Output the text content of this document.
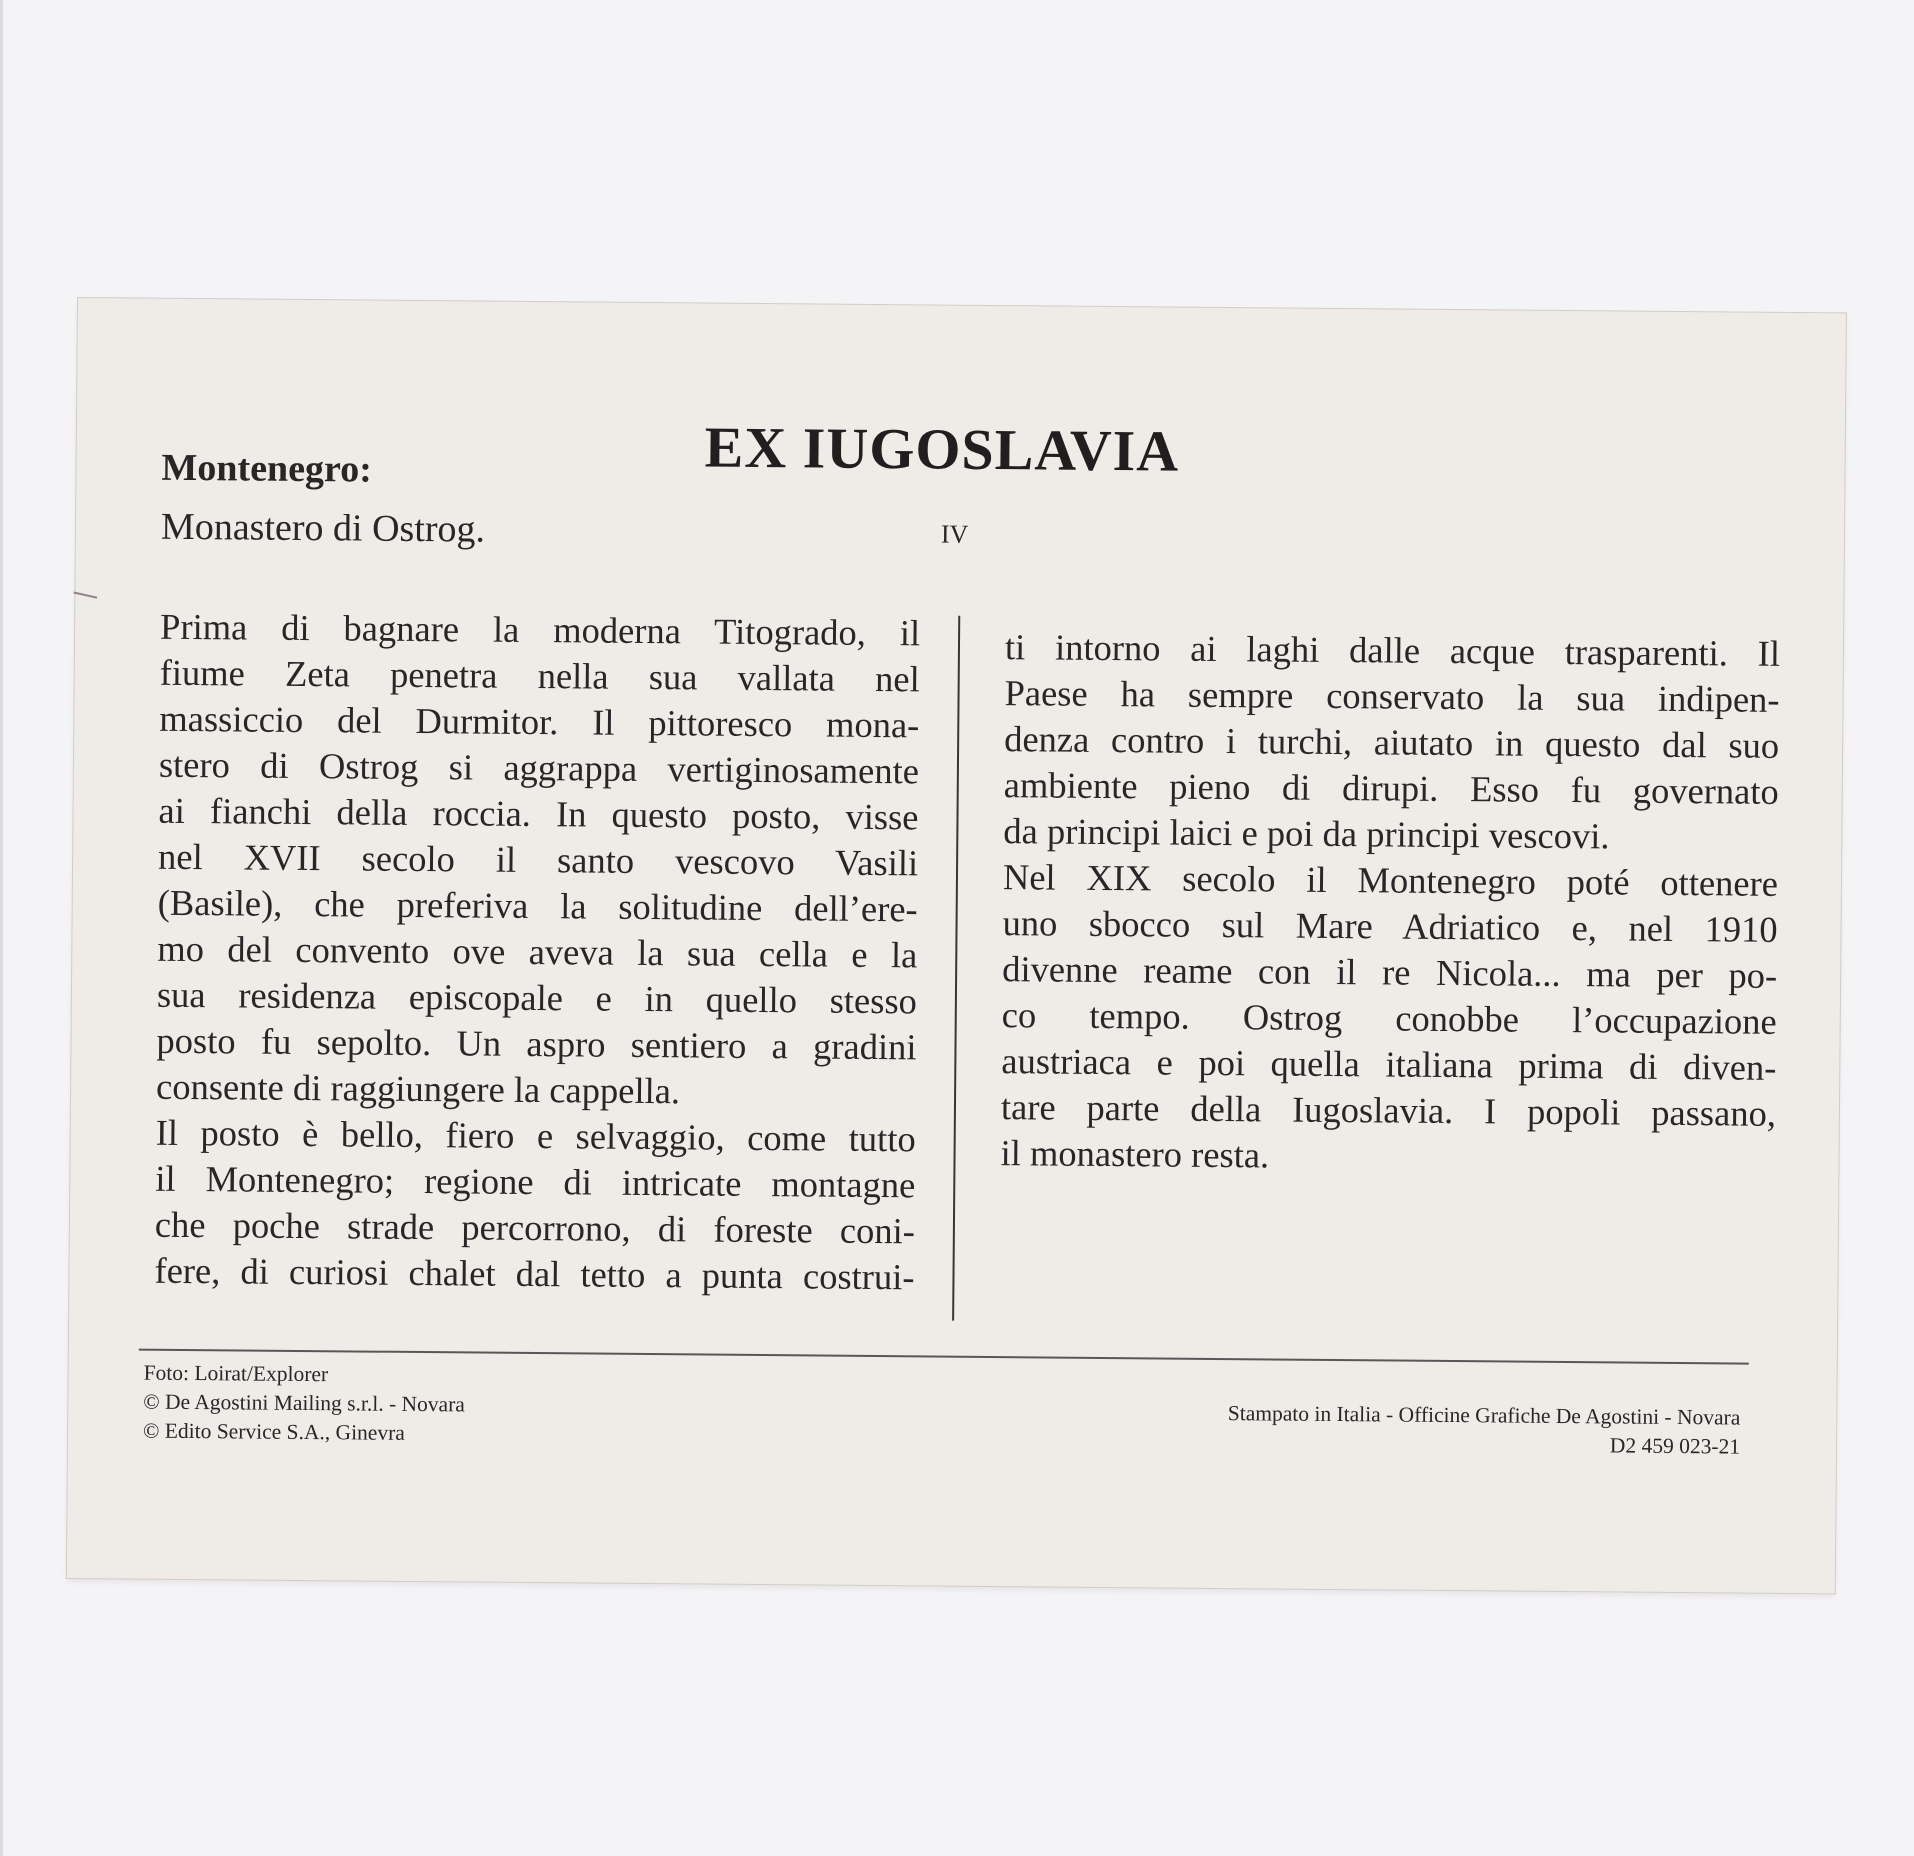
EX IUGOSLAVIA
Montenegro:
Monastero di Ostrog.	IV
Prima di bagnare la moderna Titogrado, il
fiume Zeta penetra nella sua vallata nel
massiccio del Durmitor. Il pittoresco mona-
stero di Ostrog si aggrappa vertiginosamente
ai fianchi della roccia. In questo posto, visse
nel XVII secolo il santo vescovo Vasili
(Basile), che preferiva la solitudine dell’ere-
mo del convento ove aveva la sua cella e la
sua residenza episcopale e in quello stesso
posto fu sepolto. Un aspro sentiero a gradini
consente di raggiungere la cappella.
Il posto è bello, fiero e selvaggio, come tutto
il Montenegro; regione di intricate montagne
che poche strade percorrono, di foreste coni-
fere, di curiosi chalet dal tetto a punta costrui-
ti intorno ai laghi dalle acque trasparenti. Il
Paese ha sempre conservato la sua indipen-
denza contro i turchi, aiutato in questo dal suo
ambiente pieno di dirupi. Esso fu governato
da principi laici e poi da principi vescovi.
Nel XIX secolo il Montenegro poté ottenere
uno sbocco sul Mare Adriatico e, nel 1910
divenne reame con il re Nicola... ma per po-
co tempo. Ostrog conobbe l’occupazione
austriaca e poi quella italiana prima di diven-
tare parte della Iugoslavia. I popoli passano,
il monastero resta.
Foto: Loirat/Explorer
© De Agostini Mailing s.r.l. - Novara
© Edito Service S.A., Ginevra
Stampato in Italia - Officine Grafiche De Agostini - Novara
D2 459 023-21
